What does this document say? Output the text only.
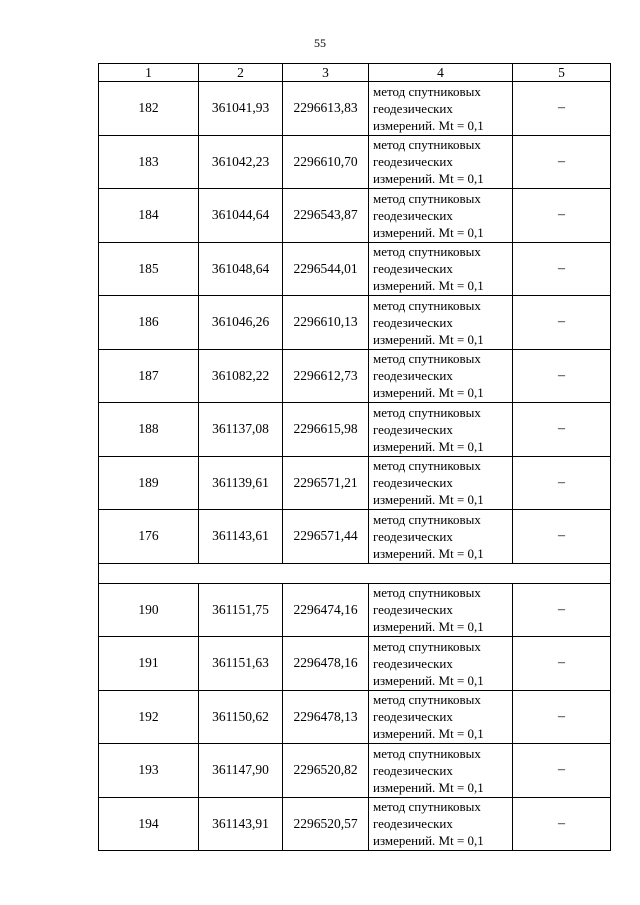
55
1	2	3	4	5
182	361041,93	2296613,83	метод спутниковых
геодезических
измерений. Mt = 0,1	–
183	361042,23	2296610,70	метод спутниковых
геодезических
измерений. Mt = 0,1	–
184	361044,64	2296543,87	метод спутниковых
геодезических
измерений. Mt = 0,1	–
185	361048,64	2296544,01	метод спутниковых
геодезических
измерений. Mt = 0,1	–
186	361046,26	2296610,13	метод спутниковых
геодезических
измерений. Mt = 0,1	–
187	361082,22	2296612,73	метод спутниковых
геодезических
измерений. Mt = 0,1	–
188	361137,08	2296615,98	метод спутниковых
геодезических
измерений. Mt = 0,1	–
189	361139,61	2296571,21	метод спутниковых
геодезических
измерений. Mt = 0,1	–
176	361143,61	2296571,44	метод спутниковых
геодезических
измерений. Mt = 0,1	–

190	361151,75	2296474,16	метод спутниковых
геодезических
измерений. Mt = 0,1	–
191	361151,63	2296478,16	метод спутниковых
геодезических
измерений. Mt = 0,1	–
192	361150,62	2296478,13	метод спутниковых
геодезических
измерений. Mt = 0,1	–
193	361147,90	2296520,82	метод спутниковых
геодезических
измерений. Mt = 0,1	–
194	361143,91	2296520,57	метод спутниковых
геодезических
измерений. Mt = 0,1	–
